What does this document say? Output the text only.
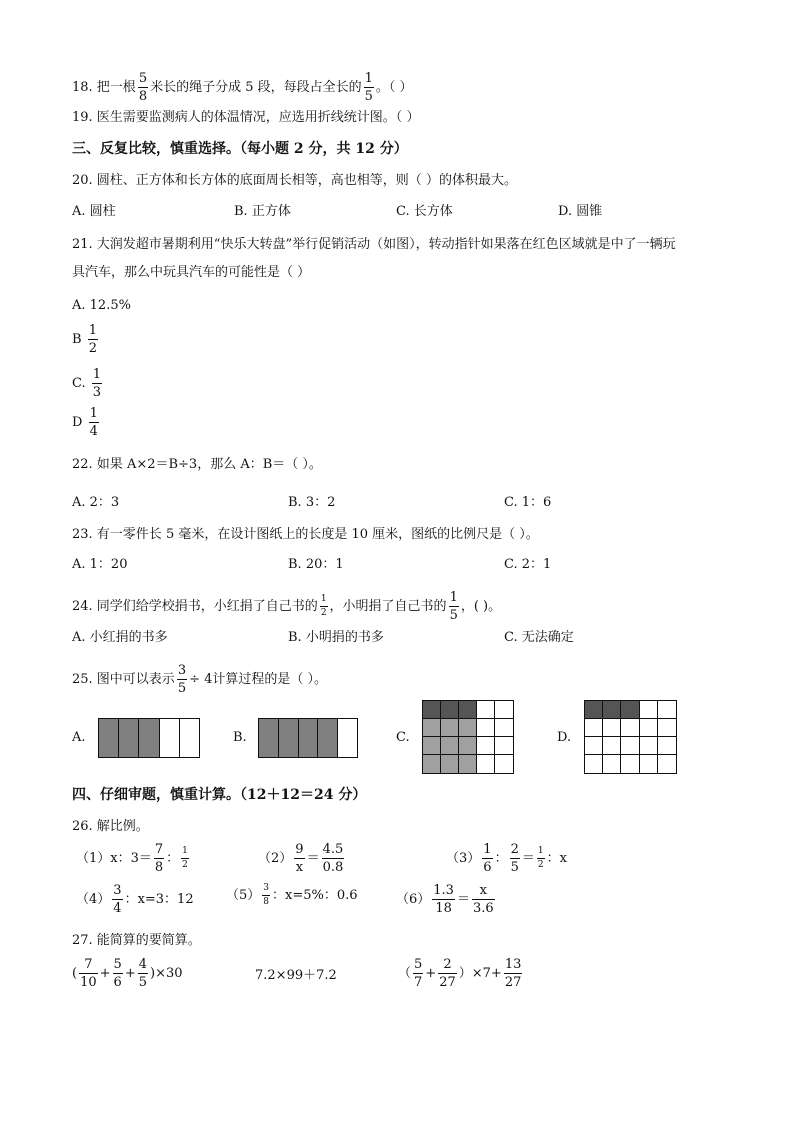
18. 把一根 $\frac{5}{8}$ 米长的绳子分成 5 段，每段占全长的 $\frac{1}{5}$ 。（ ）
19. 医生需要监测病人的体温情况，应选用折线统计图。（ ）
三、反复比较，慎重选择。（每小题 2 分，共 12 分）
20. 圆柱、正方体和长方体的底面周长相等，高也相等，则（ ）的体积最大。
A. 圆柱	B. 正方体	C. 长方体	D. 圆锥
21. 大润发超市暑期利用“快乐大转盘”举行促销活动（如图），转动指针如果落在红色区域就是中了一辆玩
具汽车，那么中玩具汽车的可能性是（ ）
A. 12.5%
B $\frac{1}{2}$
C. $\frac{1}{3}$
D $\frac{1}{4}$
22. 如果 A×2＝B÷3，那么 A：B＝（ ）。
A. 2：3	B. 3：2	C. 1：6
23. 有一零件长 5 毫米，在设计图纸上的长度是 10 厘米，图纸的比例尺是（ ）。
A. 1：20	B. 20：1	C. 2：1
24. 同学们给学校捐书，小红捐了自己书的 $\frac{1}{2}$ ，小明捐了自己书的 $\frac{1}{5}$ ，( )。
A. 小红捐的书多	B. 小明捐的书多	C. 无法确定
25. 图中可以表示 $\frac{3}{5} \div 4$计算过程的是（ ）。
A.	B.	C.	D.
四、仔细审题，慎重计算。（12＋12＝24 分）
26. 解比例。
（1）x：$3= \frac{7}{8}$ ： $\frac{1}{2}$	$(2) \frac{9}{x} = \frac{4.5}{0.8}$	$(3) \frac{1}{6}$ ： $\frac{2}{5} = \frac{1}{2}$ ：x
$(4) \frac{3}{4}$ ：x=3：12 $(5) \frac{3}{8}$ ：x=5%：0.6	$(6) \frac{1.3}{18} = \frac{x}{3.6}$
27. 能简算的要简算。
( $\frac{7}{10} + \frac{5}{6} + \frac{4}{5} )\times 30$	7.2×99＋7.2	（ $\frac{5}{7} + \frac{2}{27} )\times 7+ \frac{13}{27}$
